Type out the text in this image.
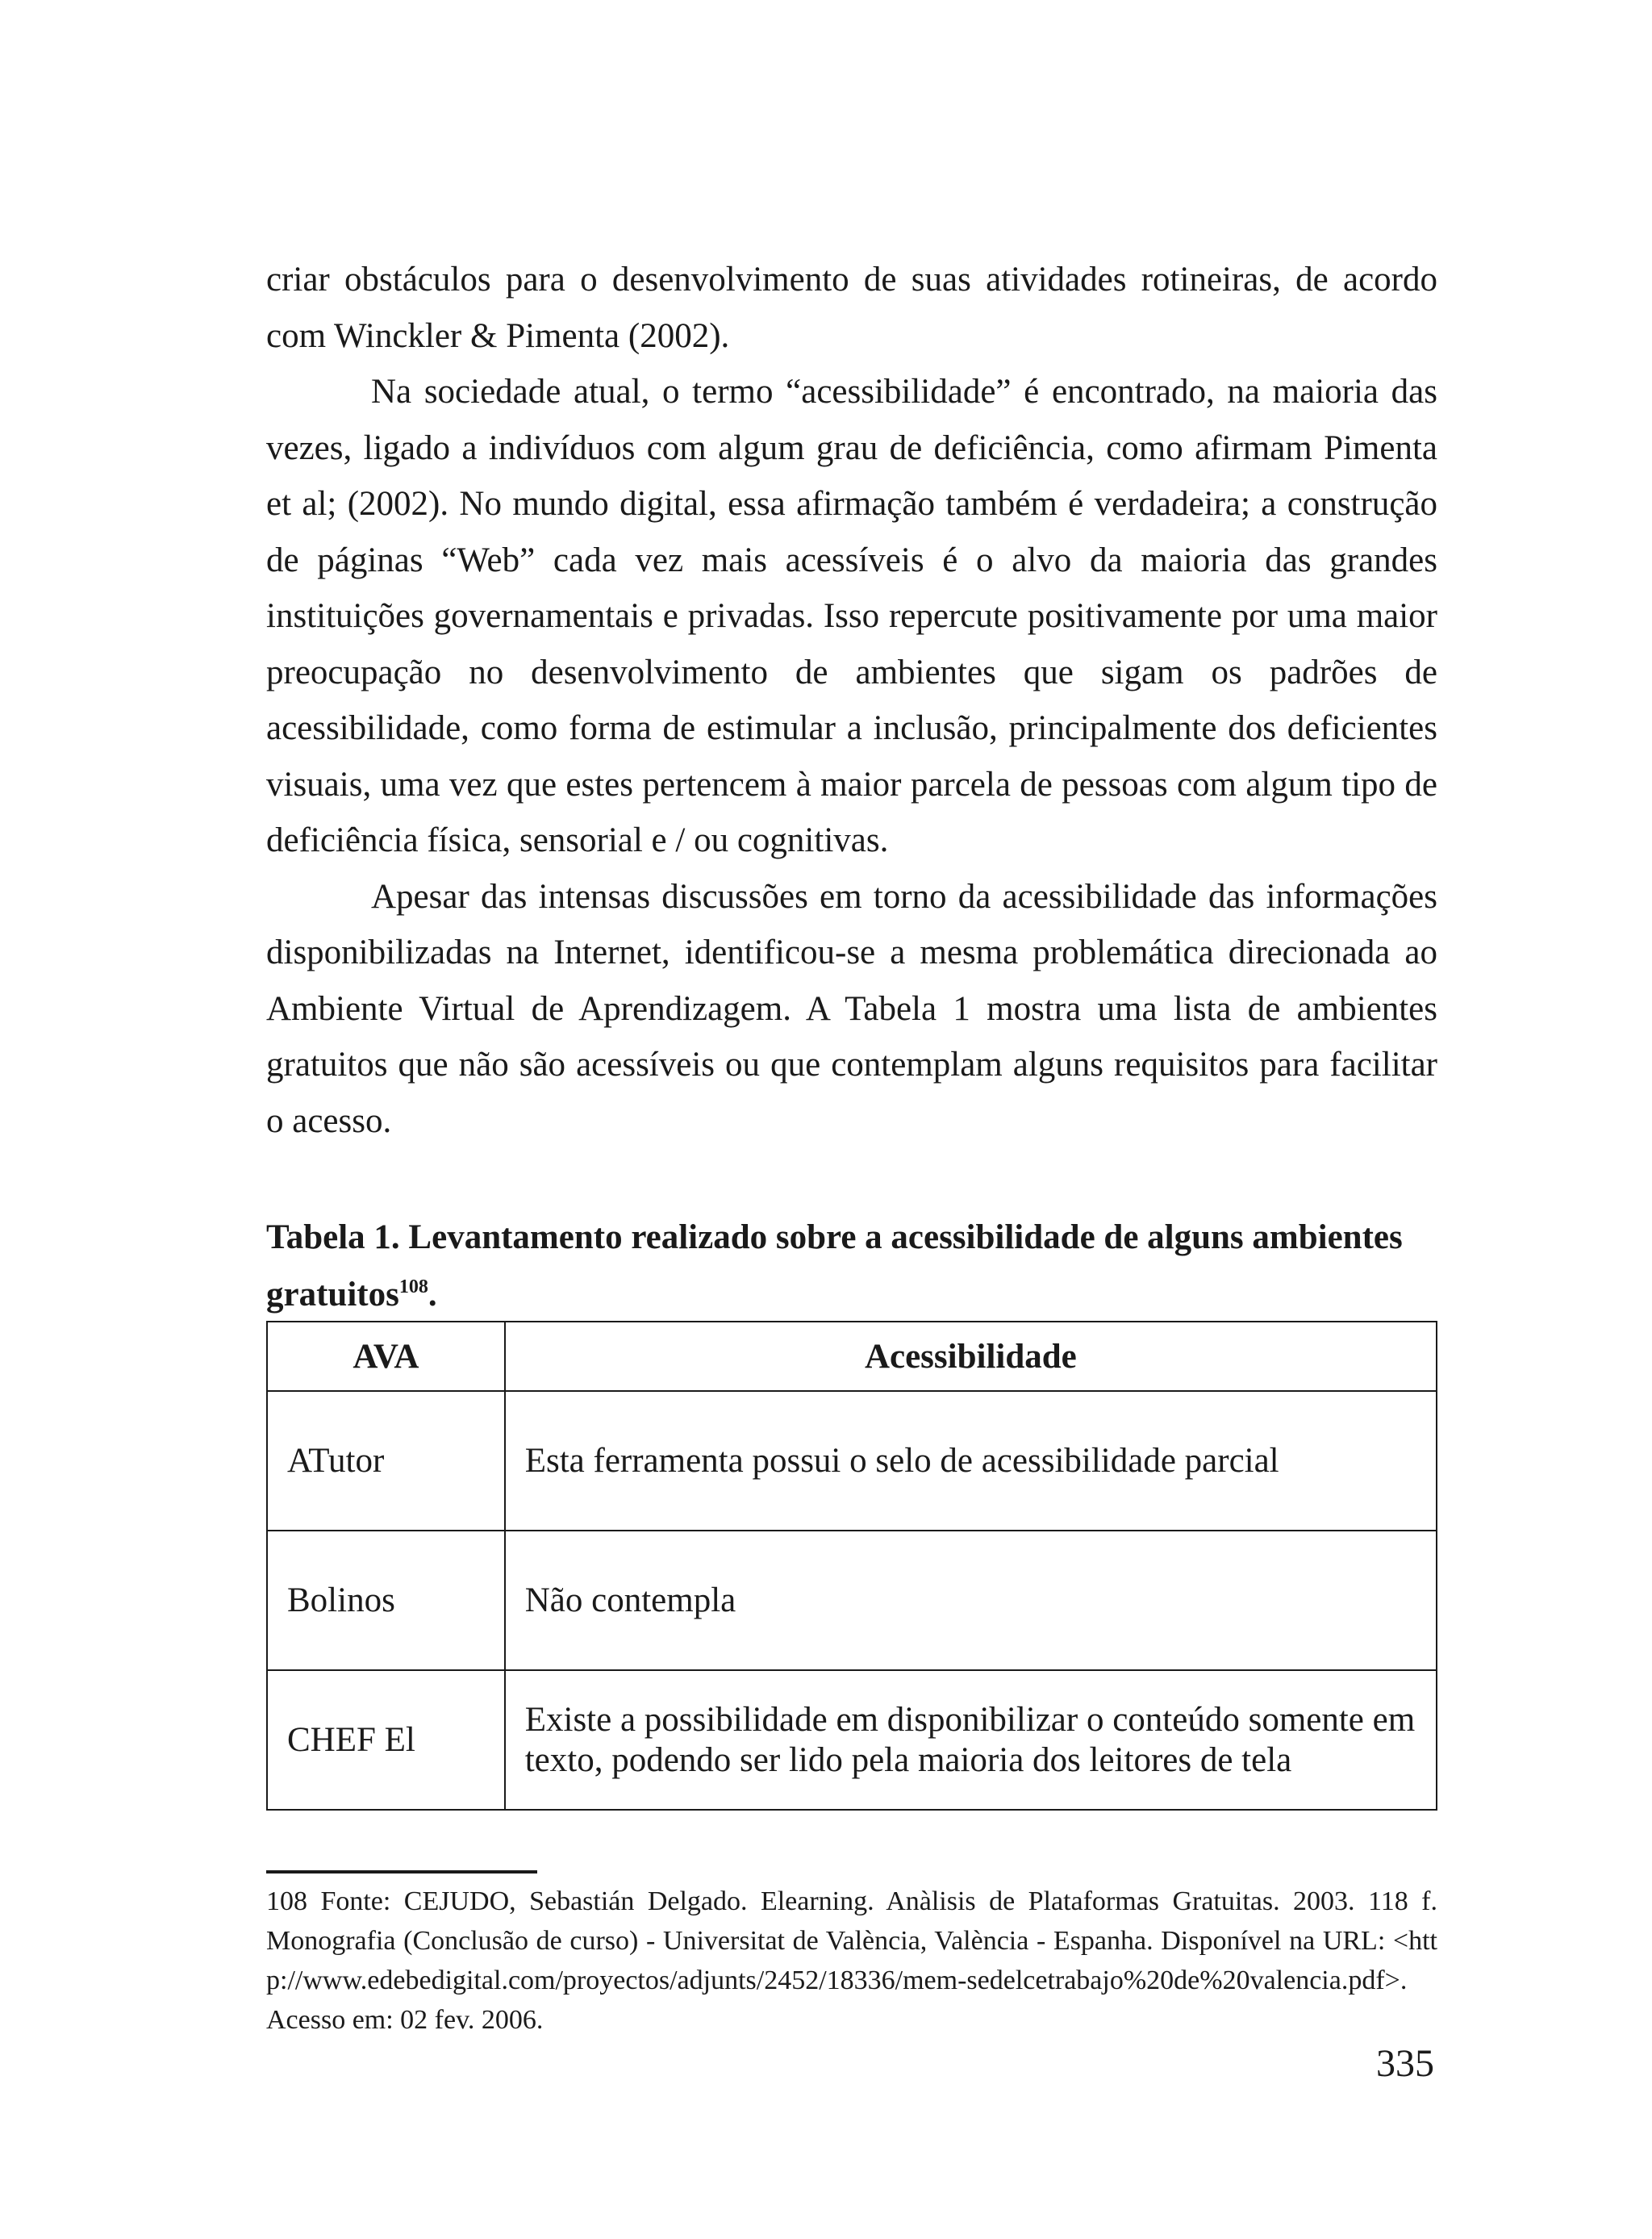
criar obstáculos para o desenvolvimento de suas atividades rotineiras, de acordo com Winckler & Pimenta (2002).

Na sociedade atual, o termo “acessibilidade” é encontrado, na maioria das vezes, ligado a indivíduos com algum grau de deficiência, como afirmam Pimenta et al; (2002). No mundo digital, essa afirmação também é verdadeira; a construção de páginas “Web” cada vez mais acessíveis é o alvo da maioria das grandes instituições governamentais e privadas. Isso repercute positivamente por uma maior preocupação no desenvolvimento de ambientes que sigam os padrões de acessibilidade, como forma de estimular a inclusão, principalmente dos deficientes visuais, uma vez que estes pertencem à maior parcela de pessoas com algum tipo de deficiência física, sensorial e / ou cognitivas.

Apesar das intensas discussões em torno da acessibilidade das informações disponibilizadas na Internet, identificou-se a mesma problemática direcionada ao Ambiente Virtual de Aprendizagem. A Tabela 1 mostra uma lista de ambientes gratuitos que não são acessíveis ou que contemplam alguns requisitos para facilitar o acesso.

Tabela 1. Levantamento realizado sobre a acessibilidade de alguns ambientes gratuitos$^{108}$.

AVA	Acessibilidade
ATutor	Esta ferramenta possui o selo de acessibilidade parcial
Bolinos	Não contempla
CHEF El	Existe a possibilidade em disponibilizar o conteúdo somente em texto, podendo ser lido pela maioria dos leitores de tela

108 Fonte: CEJUDO, Sebastián Delgado. Elearning. Anàlisis de Plataformas Gratuitas. 2003. 118 f. Monografia (Conclusão de curso) - Universitat de València, València - Espanha. Disponível na URL: <http://www.edebedigital.com/proyectos/adjunts/2452/18336/mem-sedelcetrabajo%20de%20valencia.pdf>. Acesso em: 02 fev. 2006.

335
